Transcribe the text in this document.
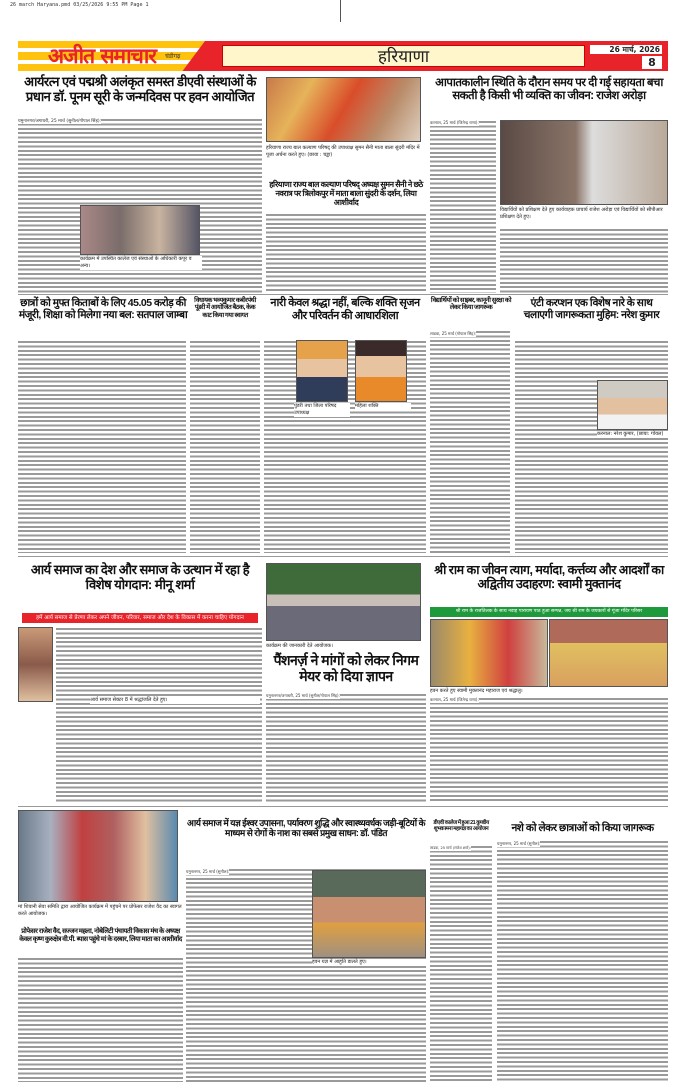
26 march Haryana.pmd 03/25/2026 9:55 PM Page 1
अजीत समाचार चंडीगढ़	हरियाणा	26 मार्च, 2026
8
आर्यरत्न एवं पद्मश्री अलंकृत समस्त डीएवी संस्थाओं के प्रधान डॉ. पूनम सूरी के जन्मदिवस पर हवन आयोजित
यमुनानगर/जगाधरी, 25 मार्च (सुनील/गोपाल सिंह):
कार्यक्रम में उपस्थित कालेज एवं संस्थाओं के अधिकारी कपूर व अन्य।
हरियाणा राज्य बाल कल्याण परिषद् की उपाध्यक्ष सुमन सैनी माता बाला सुंदरी मंदिर में पूजा अर्चना करते हुए। (छाया : चड्ढा)
हरियाणा राज्य बाल कल्याण परिषद् अध्यक्ष सुमन सैनी ने छठे नवरात्र पर त्रिलोकपुर में माता बाला सुंदरी के दर्शन, लिया आशीर्वाद
आपातकालीन स्थिति के दौरान समय पर दी गई सहायता बचा सकती है किसी भी व्यक्ति का जीवन: राजेश अरोड़ा
करनाल, 25 मार्च (जितेन्द्र राणा):
विद्यार्थियों को प्रशिक्षण देते हुए कार्यवाहक प्राचार्य राजेश अरोड़ा एवं विद्यार्थियों को सीपीआर प्रशिक्षण देते हुए।
छात्रों को मुफ्त किताबों के लिए 45.05 करोड़ की मंजूरी, शिक्षा को मिलेगा नया बल: सतपाल जाम्बा
विधायक भव्यकुमार कबीरपंथी पूंडरी में आयोजित बैठक, केक काट किया गया स्वागत
नारी केवल श्रद्धा नहीं, बल्कि शक्ति सृजन और परिवर्तन की आधारशिला
पुंडरी तथा जिला परिषद उपाध्यक्ष
महिला शक्ति
विद्यार्थियों को साइबर, कानूनी सुरक्षा को लेकर किया जागरूक
लाडवा, 25 मार्च (गोपाल सिंह):
एंटी करप्शन एक विशेष नारे के साथ चलाएगी जागरूकता मुहिम: नरेश कुमार
करनाल: नरेश कुमार, (छाया: गोयल)
आर्य समाज का देश और समाज के उत्थान में रहा है विशेष योगदान: मीनू शर्मा
हमें आर्य समाज से प्रेरणा लेकर अपने जीवन, परिवार, समाज और देश के विकास में करना चाहिए योगदान
आर्य समाज सेक्टर 8 में श्रद्धांजलि देते हुए।
कार्यक्रम की जानकारी देते आयोजक।
पैंशनर्ज़ ने मांगों को लेकर निगम मेयर को दिया ज्ञापन
यमुनानगर/जगाधरी, 25 मार्च (सुनील/गोपाल सिंह):
श्री राम का जीवन त्याग, मर्यादा, कर्त्तव्य और आदर्शों का अद्वितीय उदाहरण: स्वामी मुक्तानंद
श्री राम के राजतिलक के साथ नवाह पारायण पाठ हुआ सम्पन्न, जय श्री राम के जयकारों से गूंजा मंदिर परिसर
हवन करते हुए स्वामी मुक्तानंद महाराज एवं श्रद्धालु।
करनाल, 25 मार्च (जितेन्द्र राणा):
मां शिवानी सेवा समिति द्वारा आयोजित कार्यक्रम में पहुंचने पर प्रोफेसर राजेश वैद का स्वागत करते आयोजक।
प्रोफेसर राजेश वैद, सज्जन महला, नोबेलिटी पंचायती विकास मंच के अध्यक्ष केवल कृष्ण कुरुक्षेत्र वी.पी. ब्यास पहुंचे मां के दरबार, लिया माता का आशीर्वाद
आर्य समाज में यज्ञ ईश्वर उपासना, पर्यावरण शुद्धि और स्वास्थ्यवर्धक जड़ी-बूटियों के माध्यम से रोगों के नाश का सबसे प्रमुख साधन: डॉ. पंडित
यमुनानगर, 25 मार्च (सुनील):
हवन यज्ञ में आहुति डालते हुए।
डीएवी कालेज में हुआ 21 कुण्डीय शुभकामना महायज्ञ का आयोजन
लाडवा, 25 मार्च (राजेश शर्मा):
नशे को लेकर छात्राओं को किया जागरूक
यमुनानगर, 25 मार्च (सुनील):
